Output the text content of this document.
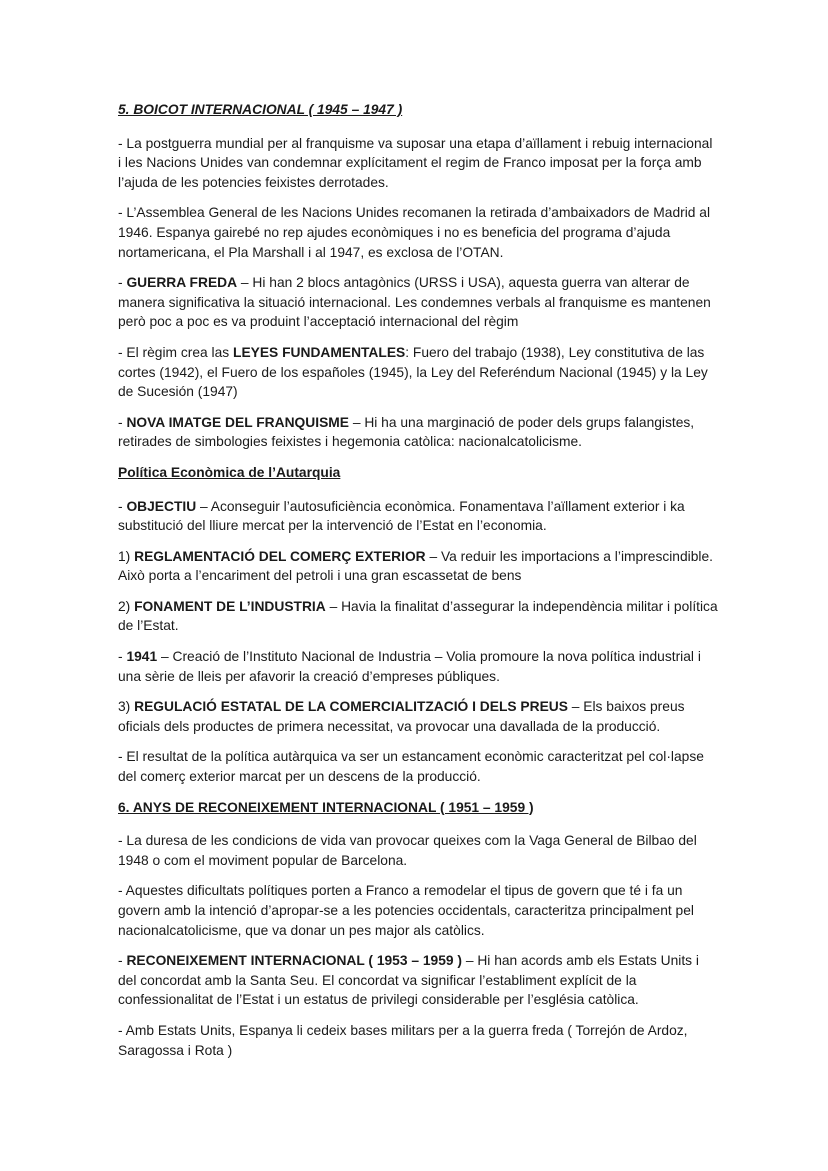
5. BOICOT INTERNACIONAL ( 1945 – 1947 )
- La postguerra mundial per al franquisme va suposar una etapa d’aïllament i rebuig internacional i les Nacions Unides van condemnar explícitament el regim de Franco imposat per la força amb l’ajuda de les potencies feixistes derrotades.
- L’Assemblea General de les Nacions Unides recomanen la retirada d’ambaixadors de Madrid al 1946. Espanya gairebé no rep ajudes econòmiques i no es beneficia del programa d’ajuda nortamericana, el Pla Marshall i al 1947, es exclosa de l’OTAN.
- GUERRA FREDA – Hi han 2 blocs antagònics (URSS i USA), aquesta guerra van alterar de manera significativa la situació internacional. Les condemnes verbals al franquisme es mantenen però poc a poc es va produint l’acceptació internacional del règim
- El règim crea las LEYES FUNDAMENTALES: Fuero del trabajo (1938), Ley constitutiva de las cortes (1942), el Fuero de los españoles (1945), la Ley del Referéndum Nacional (1945) y la Ley de Sucesión (1947)
- NOVA IMATGE DEL FRANQUISME – Hi ha una marginació de poder dels grups falangistes, retirades de simbologies feixistes i hegemonia catòlica: nacionalcatolicisme.
Política Econòmica de l’Autarquia
- OBJECTIU – Aconseguir l’autosuficiència econòmica. Fonamentava l’aïllament exterior i ka substitució del lliure mercat per la intervenció de l’Estat en l’economia.
1) REGLAMENTACIÓ DEL COMERÇ EXTERIOR – Va reduir les importacions a l’imprescindible. Això porta a l’encariment del petroli i una gran escassetat de bens
2) FONAMENT DE L’INDUSTRIA – Havia la finalitat d’assegurar la independència militar i política de l’Estat.
- 1941 – Creació de l’Instituto Nacional de Industria – Volia promoure la nova política industrial i una sèrie de lleis per afavorir la creació d’empreses públiques.
3) REGULACIÓ ESTATAL DE LA COMERCIALITZACIÓ I DELS PREUS – Els baixos preus oficials dels productes de primera necessitat, va provocar una davallada de la producció.
- El resultat de la política autàrquica va ser un estancament econòmic caracteritzat pel col·lapse del comerç exterior marcat per un descens de la producció.
6. ANYS DE RECONEIXEMENT INTERNACIONAL ( 1951 – 1959 )
- La duresa de les condicions de vida van provocar queixes com la Vaga General de Bilbao del 1948 o com el moviment popular de Barcelona.
- Aquestes dificultats polítiques porten a Franco a remodelar el tipus de govern que té i fa un govern amb la intenció d’apropar-se a les potencies occidentals, caracteritza principalment pel nacionalcatolicisme, que va donar un pes major als catòlics.
- RECONEIXEMENT INTERNACIONAL ( 1953 – 1959 ) – Hi han acords amb els Estats Units i del concordat amb la Santa Seu. El concordat va significar l’establiment explícit de la confessionalitat de l’Estat i un estatus de privilegi considerable per l’església catòlica.
- Amb Estats Units, Espanya li cedeix bases militars per a la guerra freda ( Torrejón de Ardoz, Saragossa i Rota )
